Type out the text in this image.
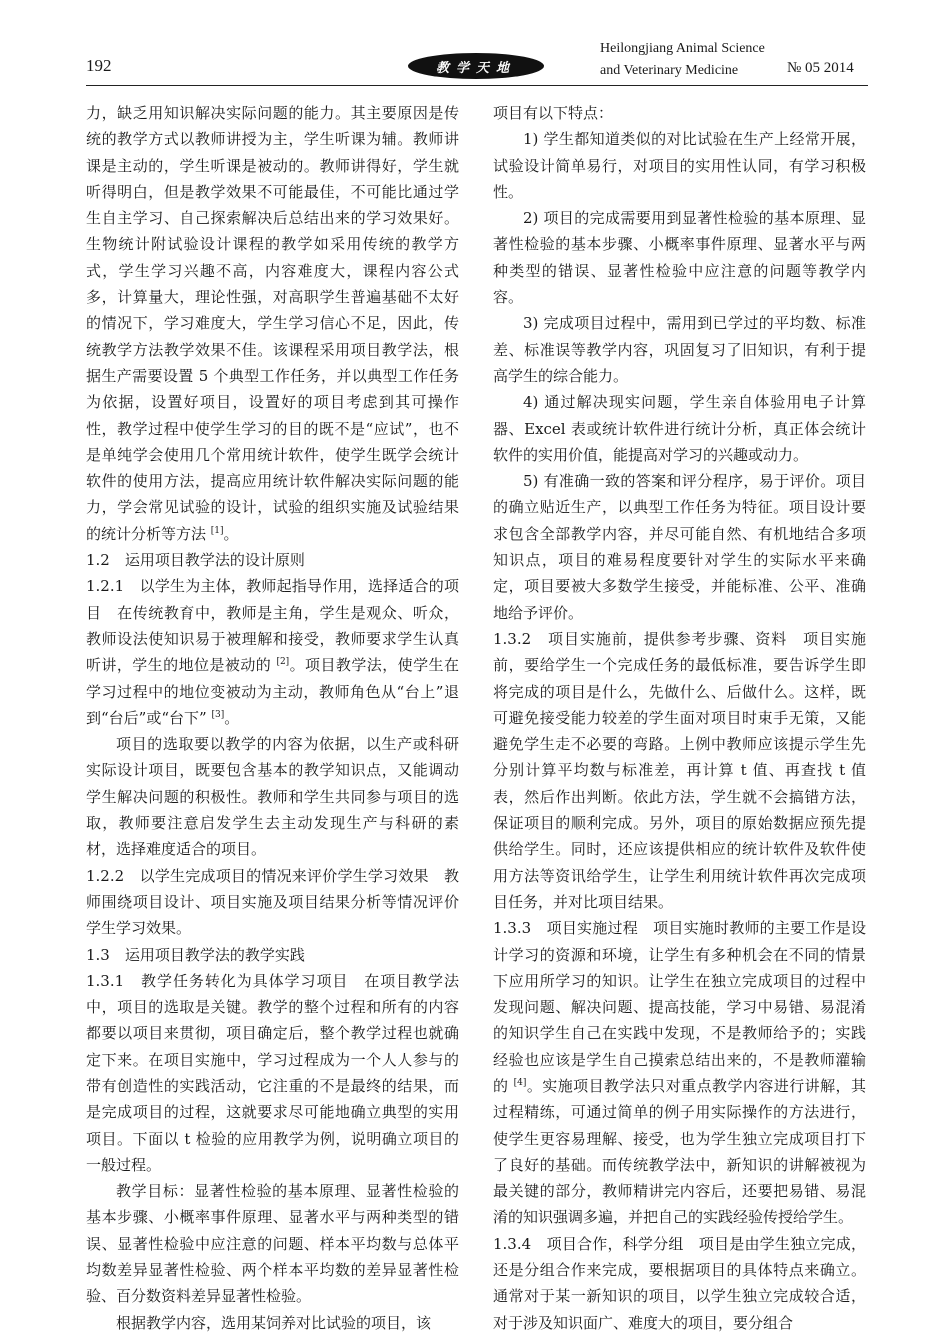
192	教学天地
Heilongjiang Animal Science
and Veterinary Medicine	№ 05 2014

力，缺乏用知识解决实际问题的能力。其主要原因是传统的教学方式以教师讲授为主，学生听课为辅。教师讲课是主动的，学生听课是被动的。教师讲得好，学生就听得明白，但是教学效果不可能最佳，不可能比通过学生自主学习、自己探索解决后总结出来的学习效果好。生物统计附试验设计课程的教学如采用传统的教学方式，学生学习兴趣不高，内容难度大，课程内容公式多，计算量大，理论性强，对高职学生普遍基础不太好的情况下，学习难度大，学生学习信心不足，因此，传统教学方法教学效果不佳。该课程采用项目教学法，根据生产需要设置 5 个典型工作任务，并以典型工作任务为依据，设置好项目，设置好的项目考虑到其可操作性，教学过程中使学生学习的目的既不是“应试”，也不是单纯学会使用几个常用统计软件，使学生既学会统计软件的使用方法，提高应用统计软件解决实际问题的能力，学会常见试验的设计，试验的组织实施及试验结果的统计分析等方法 [1]。

1.2　运用项目教学法的设计原则

1.2.1　以学生为主体，教师起指导作用，选择适合的项目　在传统教育中，教师是主角，学生是观众、听众，教师设法使知识易于被理解和接受，教师要求学生认真听讲，学生的地位是被动的 [2]。项目教学法，使学生在学习过程中的地位变被动为主动，教师角色从“台上”退到“台后”或“台下” [3]。

项目的选取要以教学的内容为依据，以生产或科研实际设计项目，既要包含基本的教学知识点，又能调动学生解决问题的积极性。教师和学生共同参与项目的选取，教师要注意启发学生去主动发现生产与科研的素材，选择难度适合的项目。

1.2.2　以学生完成项目的情况来评价学生学习效果　教师围绕项目设计、项目实施及项目结果分析等情况评价学生学习效果。

1.3　运用项目教学法的教学实践

1.3.1　教学任务转化为具体学习项目　在项目教学法中，项目的选取是关键。教学的整个过程和所有的内容都要以项目来贯彻，项目确定后，整个教学过程也就确定下来。在项目实施中，学习过程成为一个人人参与的带有创造性的实践活动，它注重的不是最终的结果，而是完成项目的过程，这就要求尽可能地确立典型的实用项目。下面以 t 检验的应用教学为例，说明确立项目的一般过程。

教学目标：显著性检验的基本原理、显著性检验的基本步骤、小概率事件原理、显著水平与两种类型的错误、显著性检验中应注意的问题、样本平均数与总体平均数差异显著性检验、两个样本平均数的差异显著性检验、百分数资料差异显著性检验。

根据教学内容，选用某饲养对比试验的项目，该

项目有以下特点：

1) 学生都知道类似的对比试验在生产上经常开展，试验设计简单易行，对项目的实用性认同，有学习积极性。

2) 项目的完成需要用到显著性检验的基本原理、显著性检验的基本步骤、小概率事件原理、显著水平与两种类型的错误、显著性检验中应注意的问题等教学内容。

3) 完成项目过程中，需用到已学过的平均数、标准差、标准误等教学内容，巩固复习了旧知识，有利于提高学生的综合能力。

4) 通过解决现实问题，学生亲自体验用电子计算器、Excel 表或统计软件进行统计分析，真正体会统计软件的实用价值，能提高对学习的兴趣或动力。

5) 有准确一致的答案和评分程序，易于评价。项目的确立贴近生产，以典型工作任务为特征。项目设计要求包含全部教学内容，并尽可能自然、有机地结合多项知识点，项目的难易程度要针对学生的实际水平来确定，项目要被大多数学生接受，并能标准、公平、准确地给予评价。

1.3.2　项目实施前，提供参考步骤、资料　项目实施前，要给学生一个完成任务的最低标准，要告诉学生即将完成的项目是什么，先做什么、后做什么。这样，既可避免接受能力较差的学生面对项目时束手无策，又能避免学生走不必要的弯路。上例中教师应该提示学生先分别计算平均数与标准差，再计算 t 值、再查找 t 值表，然后作出判断。依此方法，学生就不会搞错方法，保证项目的顺利完成。另外，项目的原始数据应预先提供给学生。同时，还应该提供相应的统计软件及软件使用方法等资讯给学生，让学生利用统计软件再次完成项目任务，并对比项目结果。

1.3.3　项目实施过程　项目实施时教师的主要工作是设计学习的资源和环境，让学生有多种机会在不同的情景下应用所学习的知识。让学生在独立完成项目的过程中发现问题、解决问题、提高技能，学习中易错、易混淆的知识学生自己在实践中发现，不是教师给予的；实践经验也应该是学生自己摸索总结出来的，不是教师灌输的 [4]。实施项目教学法只对重点教学内容进行讲解，其过程精练，可通过简单的例子用实际操作的方法进行，使学生更容易理解、接受，也为学生独立完成项目打下了良好的基础。而传统教学法中，新知识的讲解被视为最关键的部分，教师精讲完内容后，还要把易错、易混淆的知识强调多遍，并把自己的实践经验传授给学生。

1.3.4　项目合作，科学分组　项目是由学生独立完成，还是分组合作来完成，要根据项目的具体特点来确立。通常对于某一新知识的项目，以学生独立完成较合适，对于涉及知识面广、难度大的项目，要分组合
